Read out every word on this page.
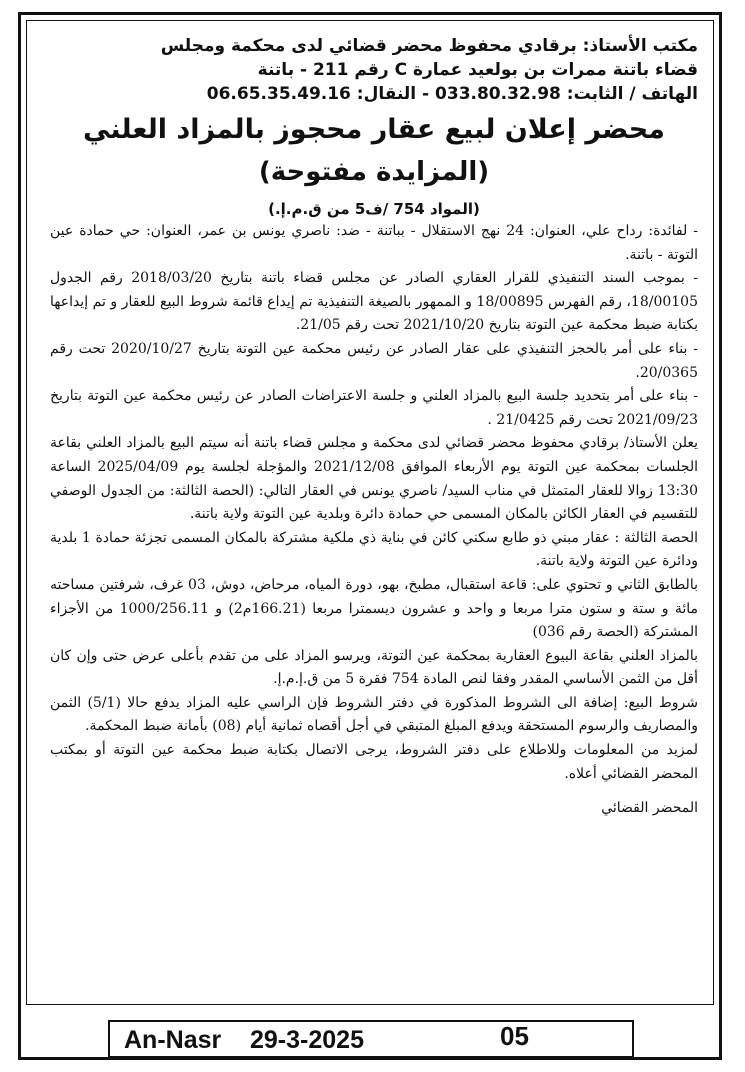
مكتب الأستاذ: برقادي محفوظ محضر قضائي لدى محكمة ومجلس

قضاء باتنة ممرات بن بولعيد عمارة C رقم 211 - باتنة

الهاتف / الثابت: 033.80.32.98 - النقال: 06.65.35.49.16

محضر إعلان لبيع عقار محجوز بالمزاد العلني

(المزايدة مفتوحة)

(المواد 754 /ف5 من ق.م.إ.)

- لفائدة: رداح علي، العنوان: 24 نهج الاستقلال - بباتنة - ضد: ناصري يونس بن عمر، العنوان: حي حمادة عين التوتة - باتنة.

- بموجب السند التنفيذي للقرار العقاري الصادر عن مجلس قضاء باتنة بتاريخ 2018/03/20 رقم الجدول 18/00105، رقم الفهرس 18/00895 و الممهور بالصيغة التنفيذية تم إيداع قائمة شروط البيع للعقار و تم إيداعها بكتابة ضبط محكمة عين التوتة بتاريخ 2021/10/20 تحت رقم 21/05.

- بناء على أمر بالحجز التنفيذي على عقار الصادر عن رئيس محكمة عين التوتة بتاريخ 2020/10/27 تحت رقم 20/0365.

- بناء على أمر بتحديد جلسة البيع بالمزاد العلني و جلسة الاعتراضات الصادر عن رئيس محكمة عين التوتة بتاريخ 2021/09/23 تحت رقم 21/0425 .

يعلن الأستاذ/ برقادي محفوظ محضر قضائي لدى محكمة و مجلس قضاء باتنة أنه سيتم البيع بالمزاد العلني بقاعة الجلسات بمحكمة عين التوتة يوم الأربعاء الموافق 2021/12/08 والمؤجلة لجلسة يوم 2025/04/09 الساعة 13:30 زوالا للعقار المتمثل في مناب السيد/ ناصري يونس في العقار التالي: (الحصة الثالثة: من الجدول الوصفي للتقسيم في العقار الكائن بالمكان المسمى حي حمادة دائرة وبلدية عين التوتة ولاية باتنة.

الحصة الثالثة : عقار مبني ذو طابع سكني كائن في بناية ذي ملكية مشتركة بالمكان المسمى تجزئة حمادة 1 بلدية ودائرة عين التوتة ولاية باتنة.

بالطابق الثاني و تحتوي على: قاعة استقبال، مطبخ، بهو، دورة المياه، مرحاض، دوش، 03 غرف، شرفتين مساحته مائة و ستة و ستون مترا مربعا و واحد و عشرون ديسمترا مربعا (166.21م2) و 1000/256.11 من الأجزاء المشتركة (الحصة رقم 036)

بالمزاد العلني بقاعة البيوع العقارية بمحكمة عين التوتة، ويرسو المزاد على من تقدم بأعلى عرض حتى وإن كان أقل من الثمن الأساسي المقدر وفقا لنص المادة 754 فقرة 5 من ق.إ.م.إ.

شروط البيع: إضافة الى الشروط المذكورة في دفتر الشروط فإن الراسي عليه المزاد يدفع حالا (5/1) الثمن والمصاريف والرسوم المستحقة ويدفع المبلغ المتبقي في أجل أقصاه ثمانية أيام (08) بأمانة ضبط المحكمة.

لمزيد من المعلومات وللاطلاع على دفتر الشروط، يرجى الاتصال بكتابة ضبط محكمة عين التوتة أو بمكتب المحضر القضائي أعلاه.

المحضر القضائي

An-Nasr 29-3-2025	05
